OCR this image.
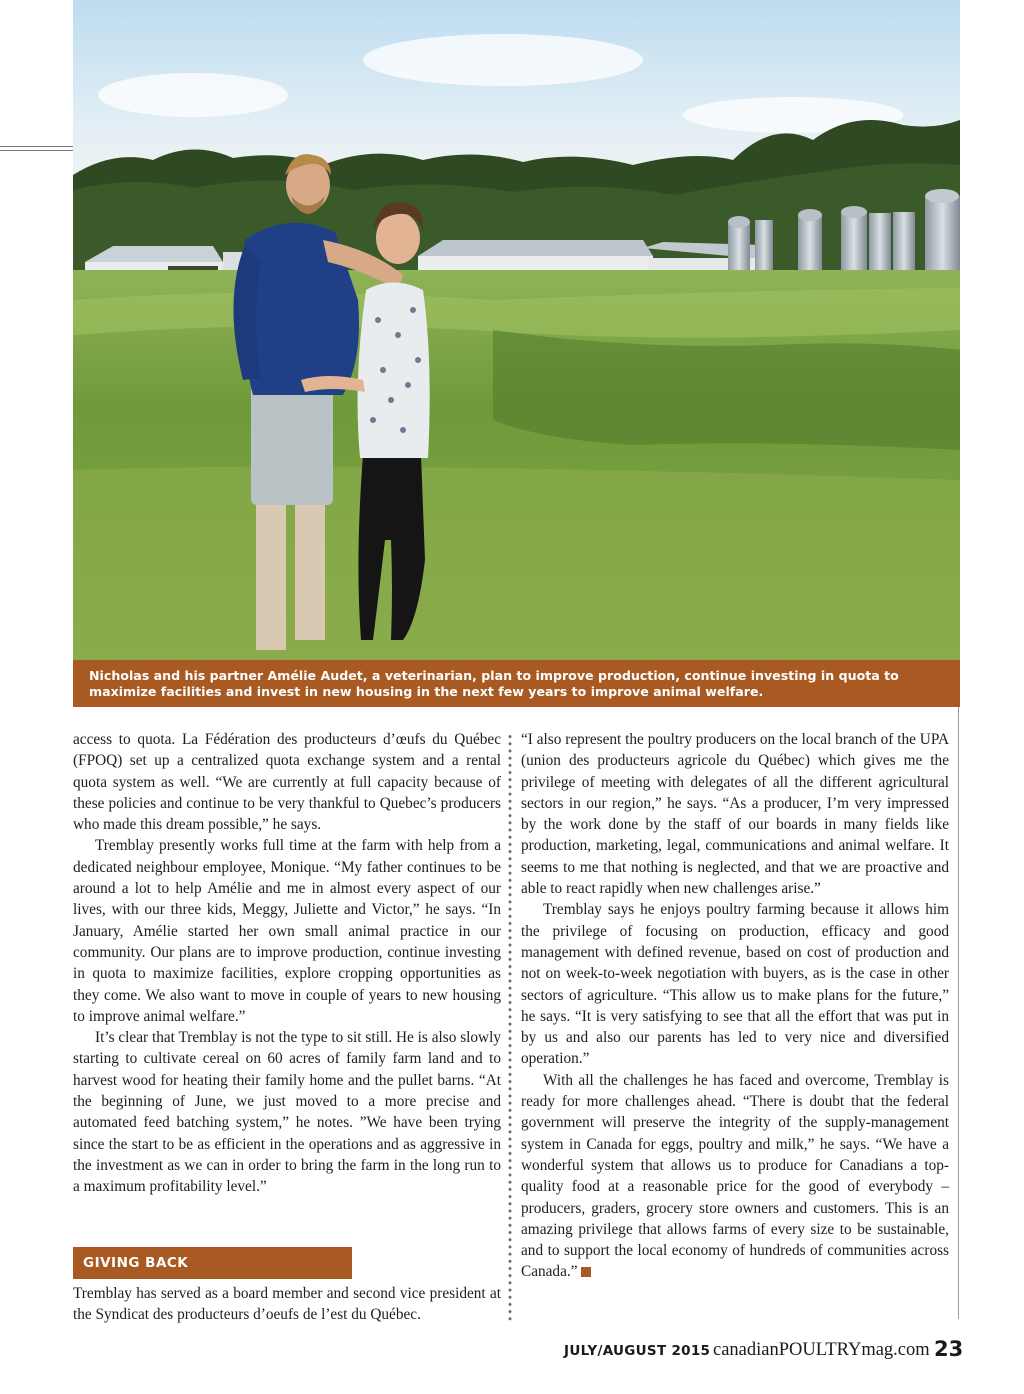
Nicholas and his partner Amélie Audet, a veterinarian, plan to improve production, continue investing in quota to maximize facilities and invest in new housing in the next few years to improve animal welfare.

access to quota. La Fédération des producteurs d’œufs du Québec (FPOQ) set up a centralized quota exchange system and a rental quota system as well. “We are currently at full capacity because of these policies and continue to be very thankful to Quebec’s producers who made this dream possible,” he says.

Tremblay presently works full time at the farm with help from a dedicated neighbour employee, Monique. “My father continues to be around a lot to help Amélie and me in almost every aspect of our lives, with our three kids, Meggy, Juliette and Victor,” he says. “In January, Amélie started her own small animal practice in our community. Our plans are to improve production, continue investing in quota to maximize facilities, explore cropping opportunities as they come. We also want to move in couple of years to new housing to improve animal welfare.”

It’s clear that Tremblay is not the type to sit still. He is also slowly starting to cultivate cereal on 60 acres of family farm land and to harvest wood for heating their family home and the pullet barns. “At the beginning of June, we just moved to a more precise and automated feed batching system,” he notes. ”We have been trying since the start to be as efficient in the operations and as aggressive in the investment as we can in order to bring the farm in the long run to a maximum profitability level.”

GIVING BACK

Tremblay has served as a board member and second vice president at the Syndicat des producteurs d’oeufs de l’est du Québec.

“I also represent the poultry producers on the local branch of the UPA (union des producteurs agricole du Québec) which gives me the privilege of meeting with delegates of all the different agricultural sectors in our region,” he says. “As a producer, I’m very impressed by the work done by the staff of our boards in many fields like production, marketing, legal, communications and animal welfare. It seems to me that nothing is neglected, and that we are proactive and able to react rapidly when new challenges arise.”

Tremblay says he enjoys poultry farming because it allows him the privilege of focusing on production, efficacy and good management with defined revenue, based on cost of production and not on week-to-week negotiation with buyers, as is the case in other sectors of agriculture. “This allow us to make plans for the future,” he says. “It is very satisfying to see that all the effort that was put in by us and also our parents has led to very nice and diversified operation.”

With all the challenges he has faced and overcome, Tremblay is ready for more challenges ahead. “There is doubt that the federal government will preserve the integrity of the supply-management system in Canada for eggs, poultry and milk,” he says. “We have a wonderful system that allows us to produce for Canadians a top-quality food at a reasonable price for the good of everybody – producers, graders, grocery store owners and customers. This is an amazing privilege that allows farms of every size to be sustainable, and to support the local economy of hundreds of communities across Canada.”

JULY/AUGUST 2015 canadianPOULTRYmag.com 23
